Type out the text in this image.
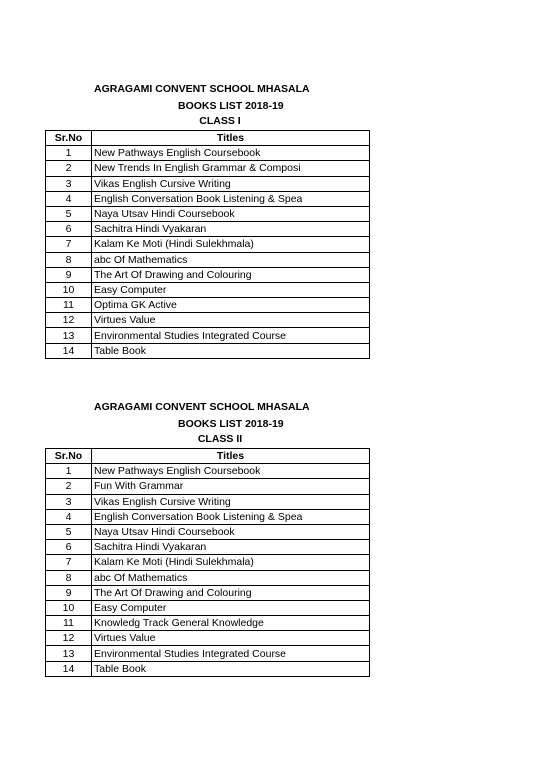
AGRAGAMI CONVENT SCHOOL MHASALA
BOOKS LIST 2018-19
CLASS I
Sr.No	Titles
1	New Pathways English Coursebook
2	New Trends In English Grammar & Composi
3	Vikas English Cursive Writing
4	English Conversation Book Listening & Spea
5	Naya Utsav Hindi Coursebook
6	Sachitra Hindi Vyakaran
7	Kalam Ke Moti (Hindi Sulekhmala)
8	abc Of Mathematics
9	The Art Of Drawing and Colouring
10	Easy Computer
11	Optima GK Active
12	Virtues Value
13	Environmental Studies Integrated Course
14	Table Book
AGRAGAMI CONVENT SCHOOL MHASALA
BOOKS LIST 2018-19
CLASS II
Sr.No	Titles
1	New Pathways English Coursebook
2	Fun With Grammar
3	Vikas English Cursive Writing
4	English Conversation Book Listening & Spea
5	Naya Utsav Hindi Coursebook
6	Sachitra Hindi Vyakaran
7	Kalam Ke Moti (Hindi Sulekhmala)
8	abc Of Mathematics
9	The Art Of Drawing and Colouring
10	Easy Computer
11	Knowledg Track General Knowledge
12	Virtues Value
13	Environmental Studies Integrated Course
14	Table Book
